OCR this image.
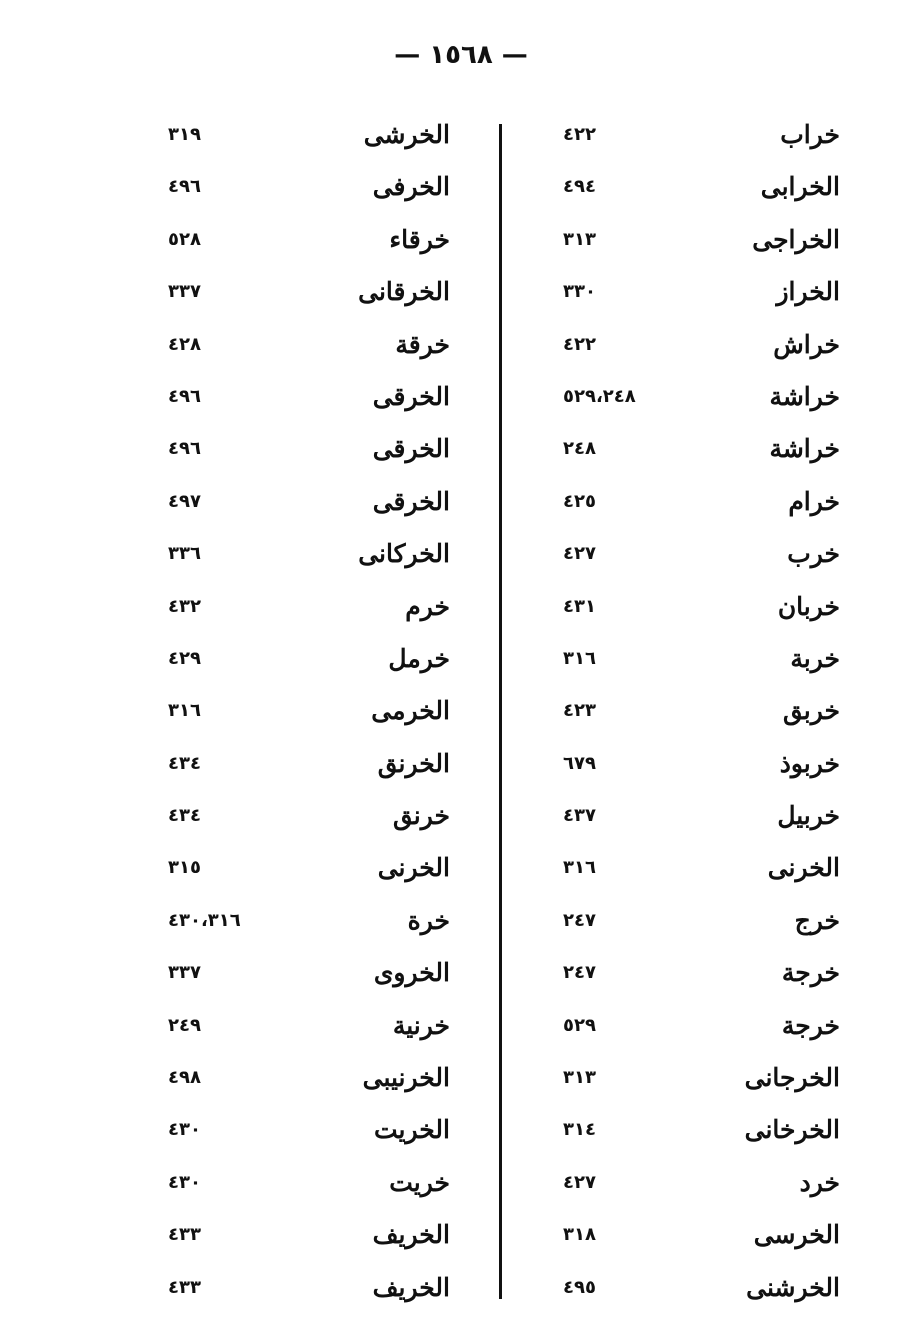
— ١٥٦٨ —
خراب
٤٢٢
الخرابی
٤٩٤
الخراجی
٣١٣
الخراز
٣٣٠
خراش
٤٢٢
خراشة
٥٢٩،٢٤٨
خراشة
٢٤٨
خرام
٤٢٥
خرب
٤٢٧
خربان
٤٣١
خربة
٣١٦
خربق
٤٢٣
خربوذ
٦٧٩
خربیل
٤٣٧
الخرنی
٣١٦
خرج
٢٤٧
خرجة
٢٤٧
خرجة
٥٢٩
الخرجانی
٣١٣
الخرخانی
٣١٤
خرد
٤٢٧
الخرسی
٣١٨
الخرشنی
٤٩٥
الخرشی
٣١٩
الخرفی
٤٩٦
خرقاء
٥٢٨
الخرقانی
٣٣٧
خرقة
٤٢٨
الخرقی
٤٩٦
الخرقی
٤٩٦
الخرقی
٤٩٧
الخرکانی
٣٣٦
خرم
٤٣٢
خرمل
٤٢٩
الخرمی
٣١٦
الخرنق
٤٣٤
خرنق
٤٣٤
الخرنی
٣١٥
خرة
٤٣٠،٣١٦
الخروی
٣٣٧
خرنیة
٢٤٩
الخرنیبی
٤٩٨
الخریت
٤٣٠
خریت
٤٣٠
الخریف
٤٣٣
الخریف
٤٣٣
